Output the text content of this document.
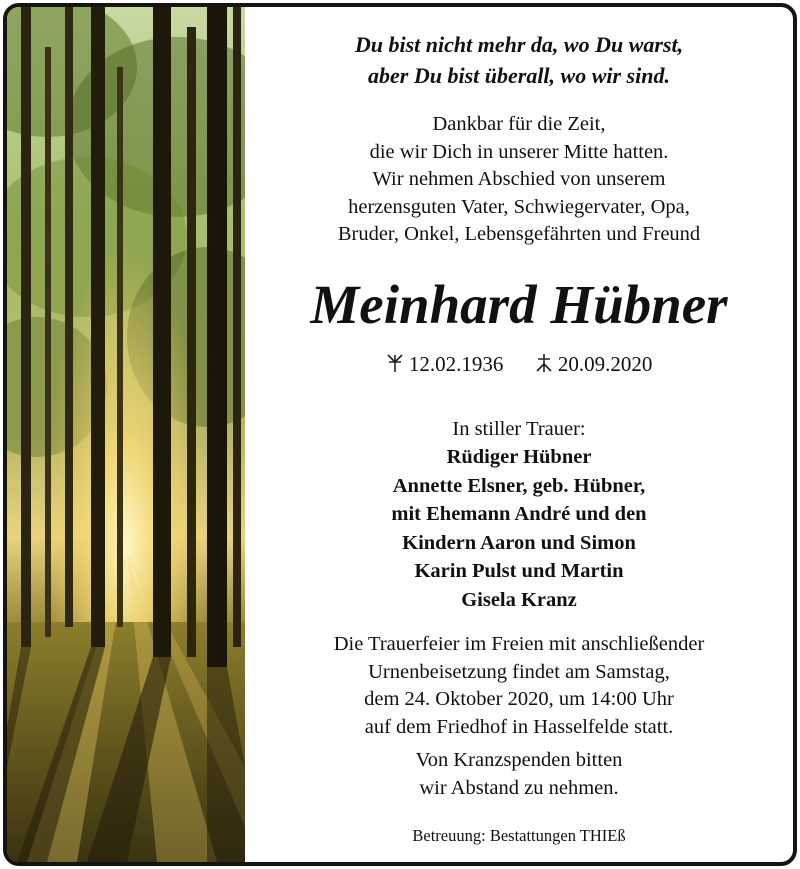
Du bist nicht mehr da, wo Du warst,
aber Du bist überall, wo wir sind.
Dankbar für die Zeit,
die wir Dich in unserer Mitte hatten.
Wir nehmen Abschied von unserem
herzensguten Vater, Schwiegervater, Opa,
Bruder, Onkel, Lebensgefährten und Freund
Meinhard Hübner
12.02.1936	20.09.2020
In stiller Trauer:
Rüdiger Hübner
Annette Elsner, geb. Hübner,
mit Ehemann André und den
Kindern Aaron und Simon
Karin Pulst und Martin
Gisela Kranz
Die Trauerfeier im Freien mit anschließender
Urnenbeisetzung findet am Samstag,
dem 24. Oktober 2020, um 14:00 Uhr
auf dem Friedhof in Hasselfelde statt.
Von Kranzspenden bitten
wir Abstand zu nehmen.
Betreuung: Bestattungen THIEß
